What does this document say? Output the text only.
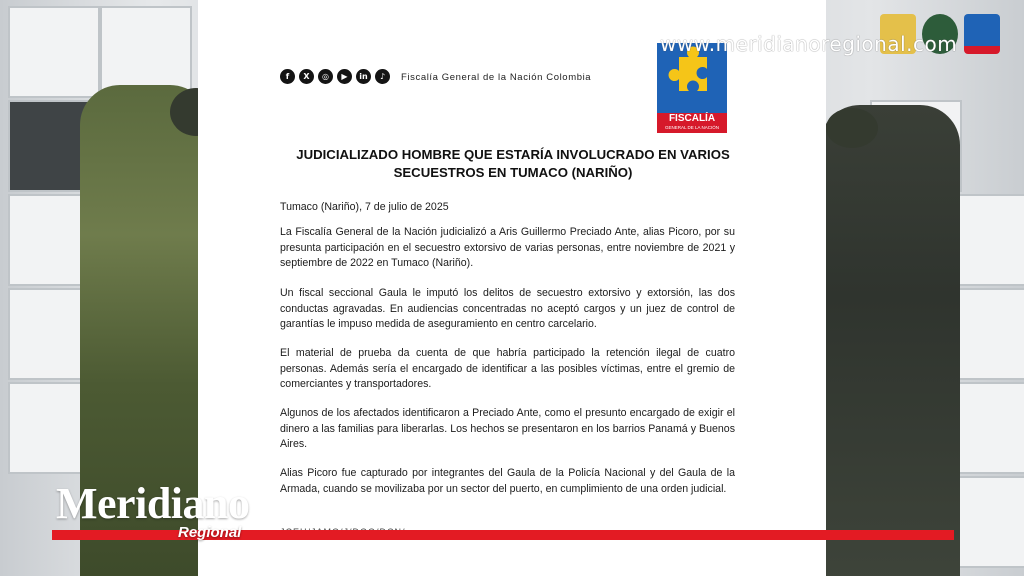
f	X	◎	▶	in	♪	Fiscalía General de la Nación Colombia
FISCALÍA
GENERAL DE LA NACIÓN
www.meridianoregional.com
JUDICIALIZADO HOMBRE QUE ESTARÍA INVOLUCRADO EN VARIOS SECUESTROS EN TUMACO (NARIÑO)
Tumaco (Nariño), 7 de julio de 2025

La Fiscalía General de la Nación judicializó a Aris Guillermo Preciado Ante, alias Picoro, por su presunta participación en el secuestro extorsivo de varias personas, entre noviembre de 2021 y septiembre de 2022 en Tumaco (Nariño).

Un fiscal seccional Gaula le imputó los delitos de secuestro extorsivo y extorsión, las dos conductas agravadas. En audiencias concentradas no aceptó cargos y un juez de control de garantías le impuso medida de aseguramiento en centro carcelario.

El material de prueba da cuenta de que habría participado la retención ilegal de cuatro personas. Además sería el encargado de identificar a las posibles víctimas, entre el gremio de comerciantes y transportadores.

Algunos de los afectados identificaron a Preciado Ante, como el presunto encargado de exigir el dinero a las familias para liberarlas. Los hechos se presentaron en los barrios Panamá y Buenos Aires.

Alias Picoro fue capturado por integrantes del Gaula de la Policía Nacional y del Gaula de la Armada, cuando se movilizaba por un sector del puerto, en cumplimiento de una orden judicial.

Meridiano
Regional
